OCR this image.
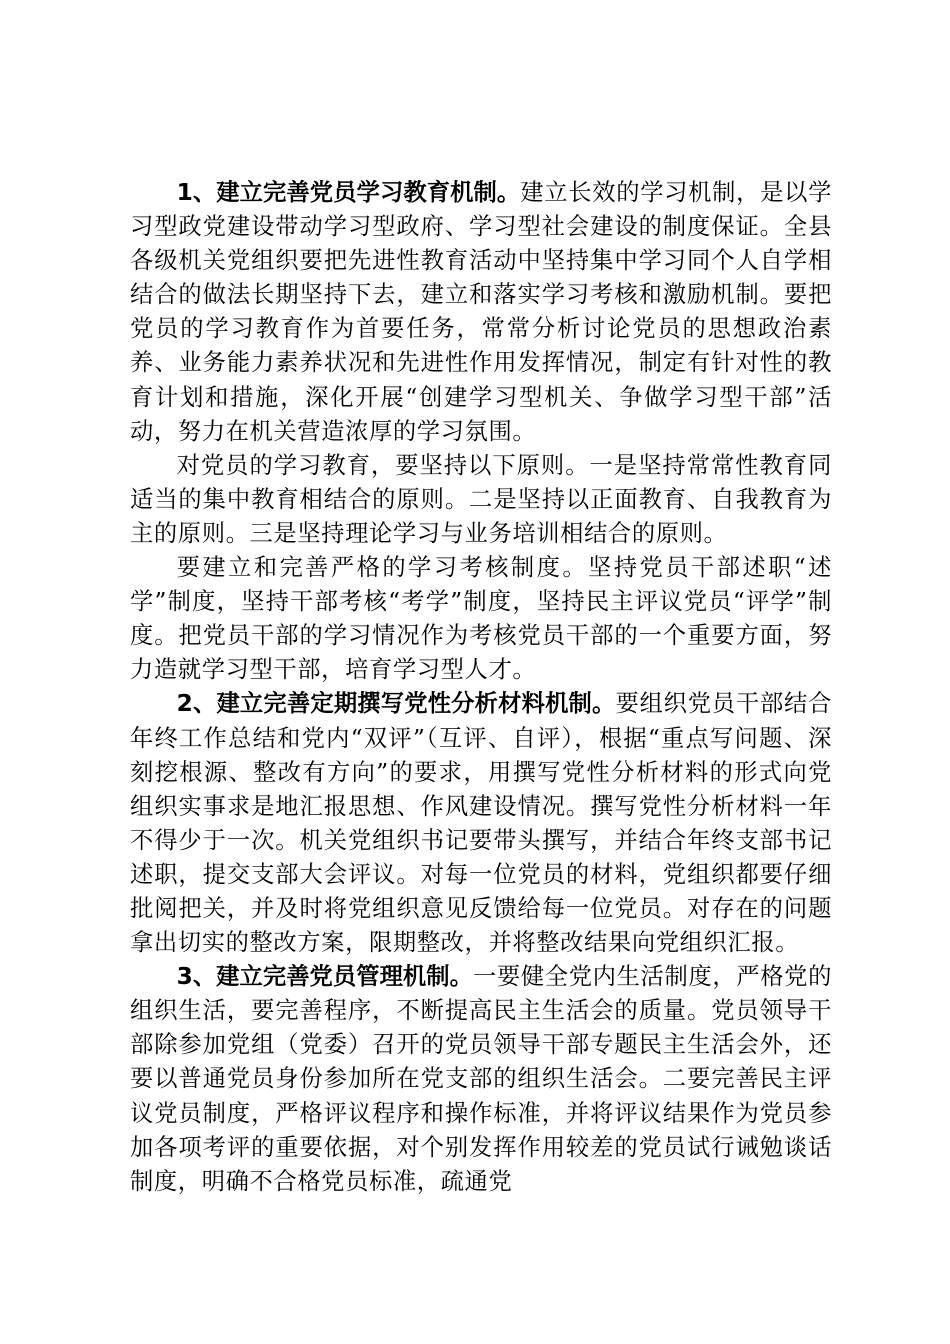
1、建立完善党员学习教育机制。建立长效的学习机制，是以学习型政党建设带动学习型政府、学习型社会建设的制度保证。全县各级机关党组织要把先进性教育活动中坚持集中学习同个人自学相结合的做法长期坚持下去，建立和落实学习考核和激励机制。要把党员的学习教育作为首要任务，常常分析讨论党员的思想政治素养、业务能力素养状况和先进性作用发挥情况，制定有针对性的教育计划和措施，深化开展“创建学习型机关、争做学习型干部”活动，努力在机关营造浓厚的学习氛围。

对党员的学习教育，要坚持以下原则。一是坚持常常性教育同适当的集中教育相结合的原则。二是坚持以正面教育、自我教育为主的原则。三是坚持理论学习与业务培训相结合的原则。

要建立和完善严格的学习考核制度。坚持党员干部述职“述学”制度，坚持干部考核“考学”制度，坚持民主评议党员“评学”制度。把党员干部的学习情况作为考核党员干部的一个重要方面，努力造就学习型干部，培育学习型人才。

2、建立完善定期撰写党性分析材料机制。要组织党员干部结合年终工作总结和党内“双评”（互评、自评），根据“重点写问题、深刻挖根源、整改有方向”的要求，用撰写党性分析材料的形式向党组织实事求是地汇报思想、作风建设情况。撰写党性分析材料一年不得少于一次。机关党组织书记要带头撰写，并结合年终支部书记述职，提交支部大会评议。对每一位党员的材料，党组织都要仔细批阅把关，并及时将党组织意见反馈给每一位党员。对存在的问题拿出切实的整改方案，限期整改，并将整改结果向党组织汇报。

3、建立完善党员管理机制。一要健全党内生活制度，严格党的组织生活，要完善程序，不断提高民主生活会的质量。党员领导干部除参加党组（党委）召开的党员领导干部专题民主生活会外，还要以普通党员身份参加所在党支部的组织生活会。二要完善民主评议党员制度，严格评议程序和操作标准，并将评议结果作为党员参加各项考评的重要依据，对个别发挥作用较差的党员试行诫勉谈话制度，明确不合格党员标准，疏通党
